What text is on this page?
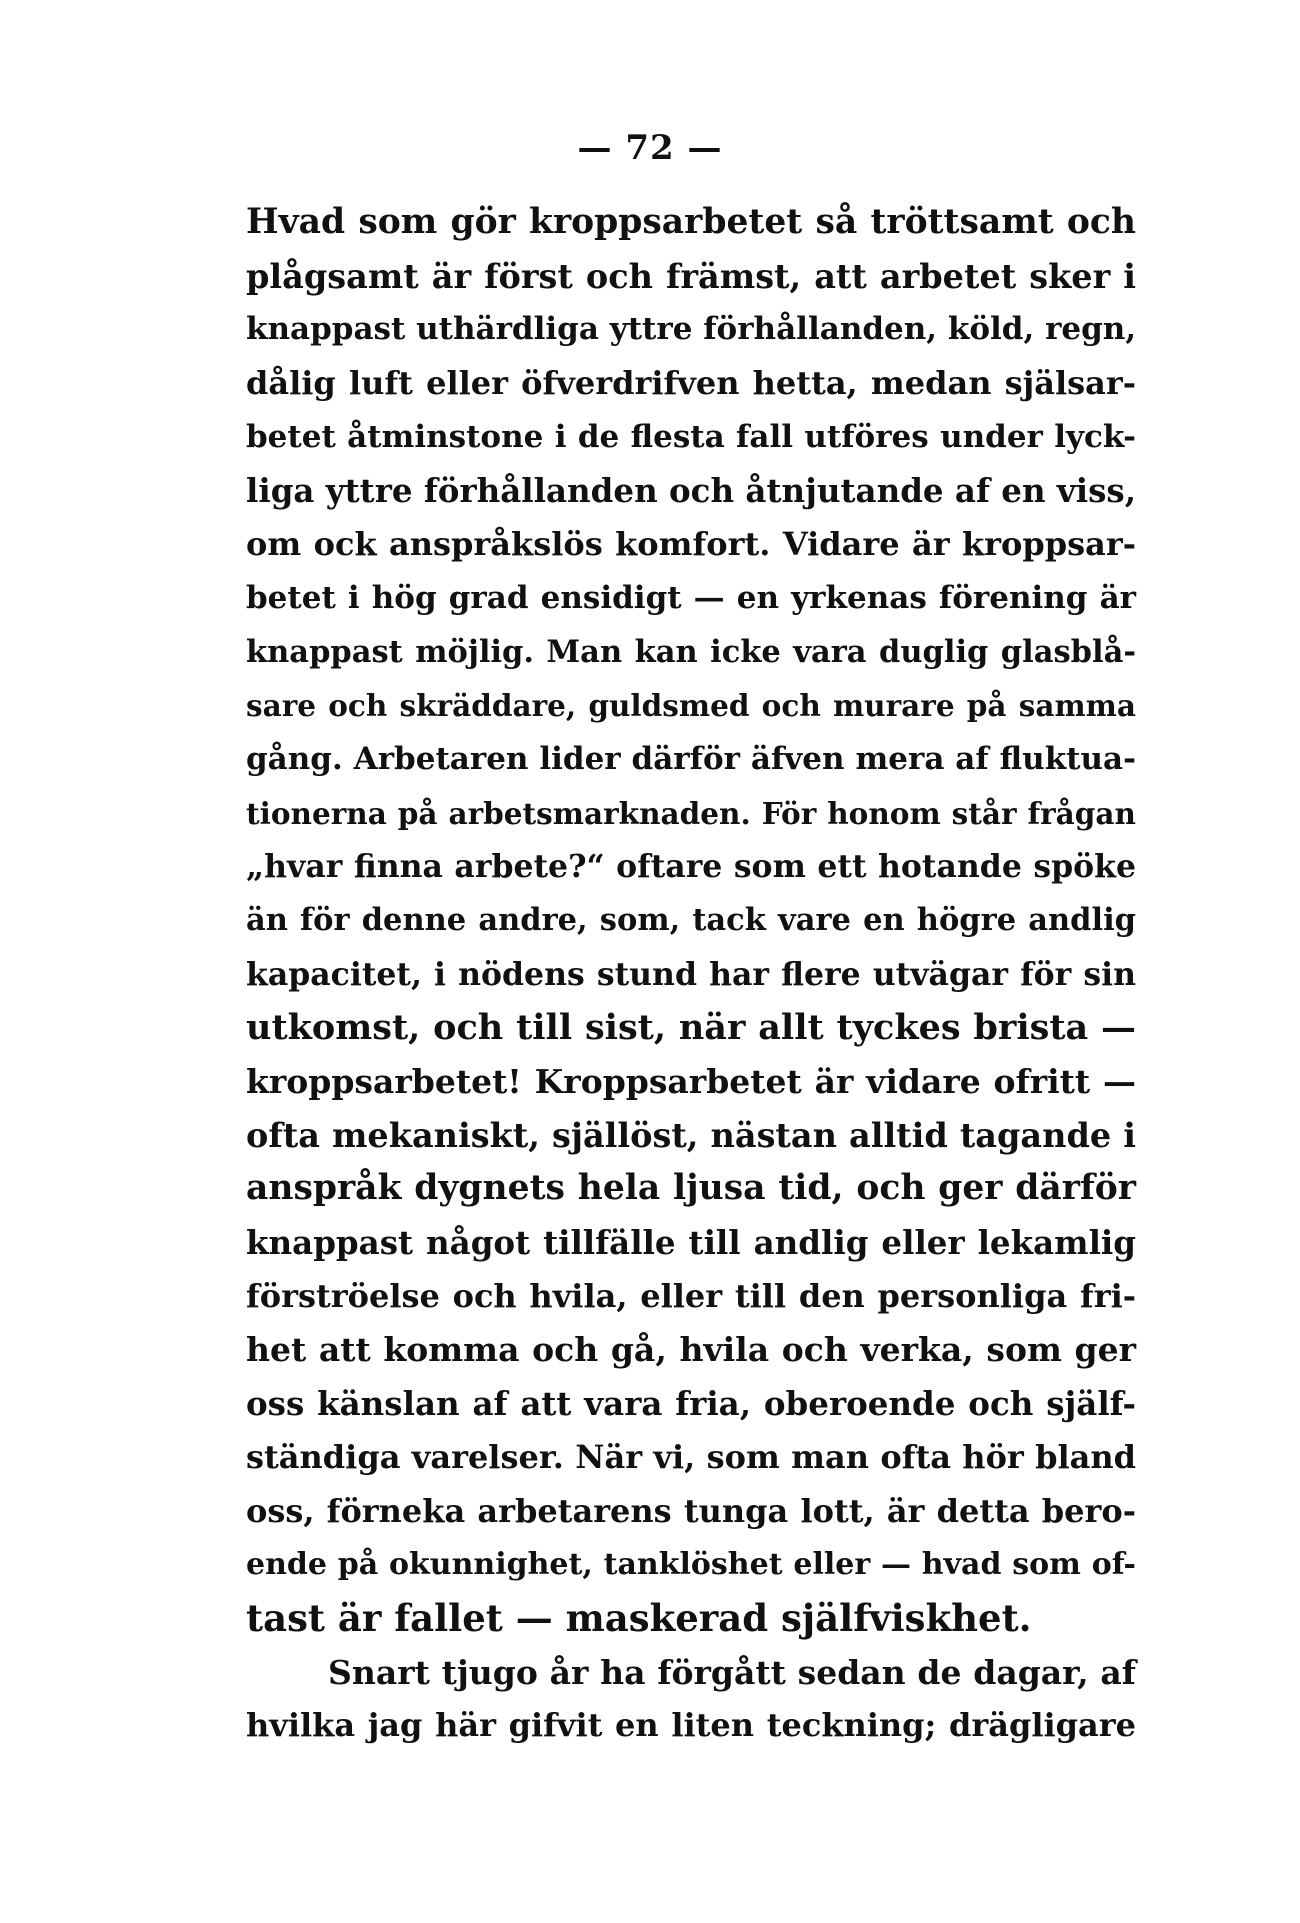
— 72 —
Hvad som gör kroppsarbetet så tröttsamt och
plågsamt är först och främst, att arbetet sker i
knappast uthärdliga yttre förhållanden, köld, regn,
dålig luft eller öfverdrifven hetta, medan själsar-
betet åtminstone i de flesta fall utföres under lyck-
liga yttre förhållanden och åtnjutande af en viss,
om ock anspråkslös komfort. Vidare är kroppsar-
betet i hög grad ensidigt — en yrkenas förening är
knappast möjlig. Man kan icke vara duglig glasblå-
sare och skräddare, guldsmed och murare på samma
gång. Arbetaren lider därför äfven mera af fluktua-
tionerna på arbetsmarknaden. För honom står frågan
„hvar finna arbete?“ oftare som ett hotande spöke
än för denne andre, som, tack vare en högre andlig
kapacitet, i nödens stund har flere utvägar för sin
utkomst, och till sist, när allt tyckes brista —
kroppsarbetet! Kroppsarbetet är vidare ofritt —
ofta mekaniskt, själlöst, nästan alltid tagande i
anspråk dygnets hela ljusa tid, och ger därför
knappast något tillfälle till andlig eller lekamlig
förströelse och hvila, eller till den personliga fri-
het att komma och gå, hvila och verka, som ger
oss känslan af att vara fria, oberoende och själf-
ständiga varelser. När vi, som man ofta hör bland
oss, förneka arbetarens tunga lott, är detta bero-
ende på okunnighet, tanklöshet eller — hvad som of-
tast är fallet — maskerad själfviskhet.
Snart tjugo år ha förgått sedan de dagar, af
hvilka jag här gifvit en liten teckning; drägligare
